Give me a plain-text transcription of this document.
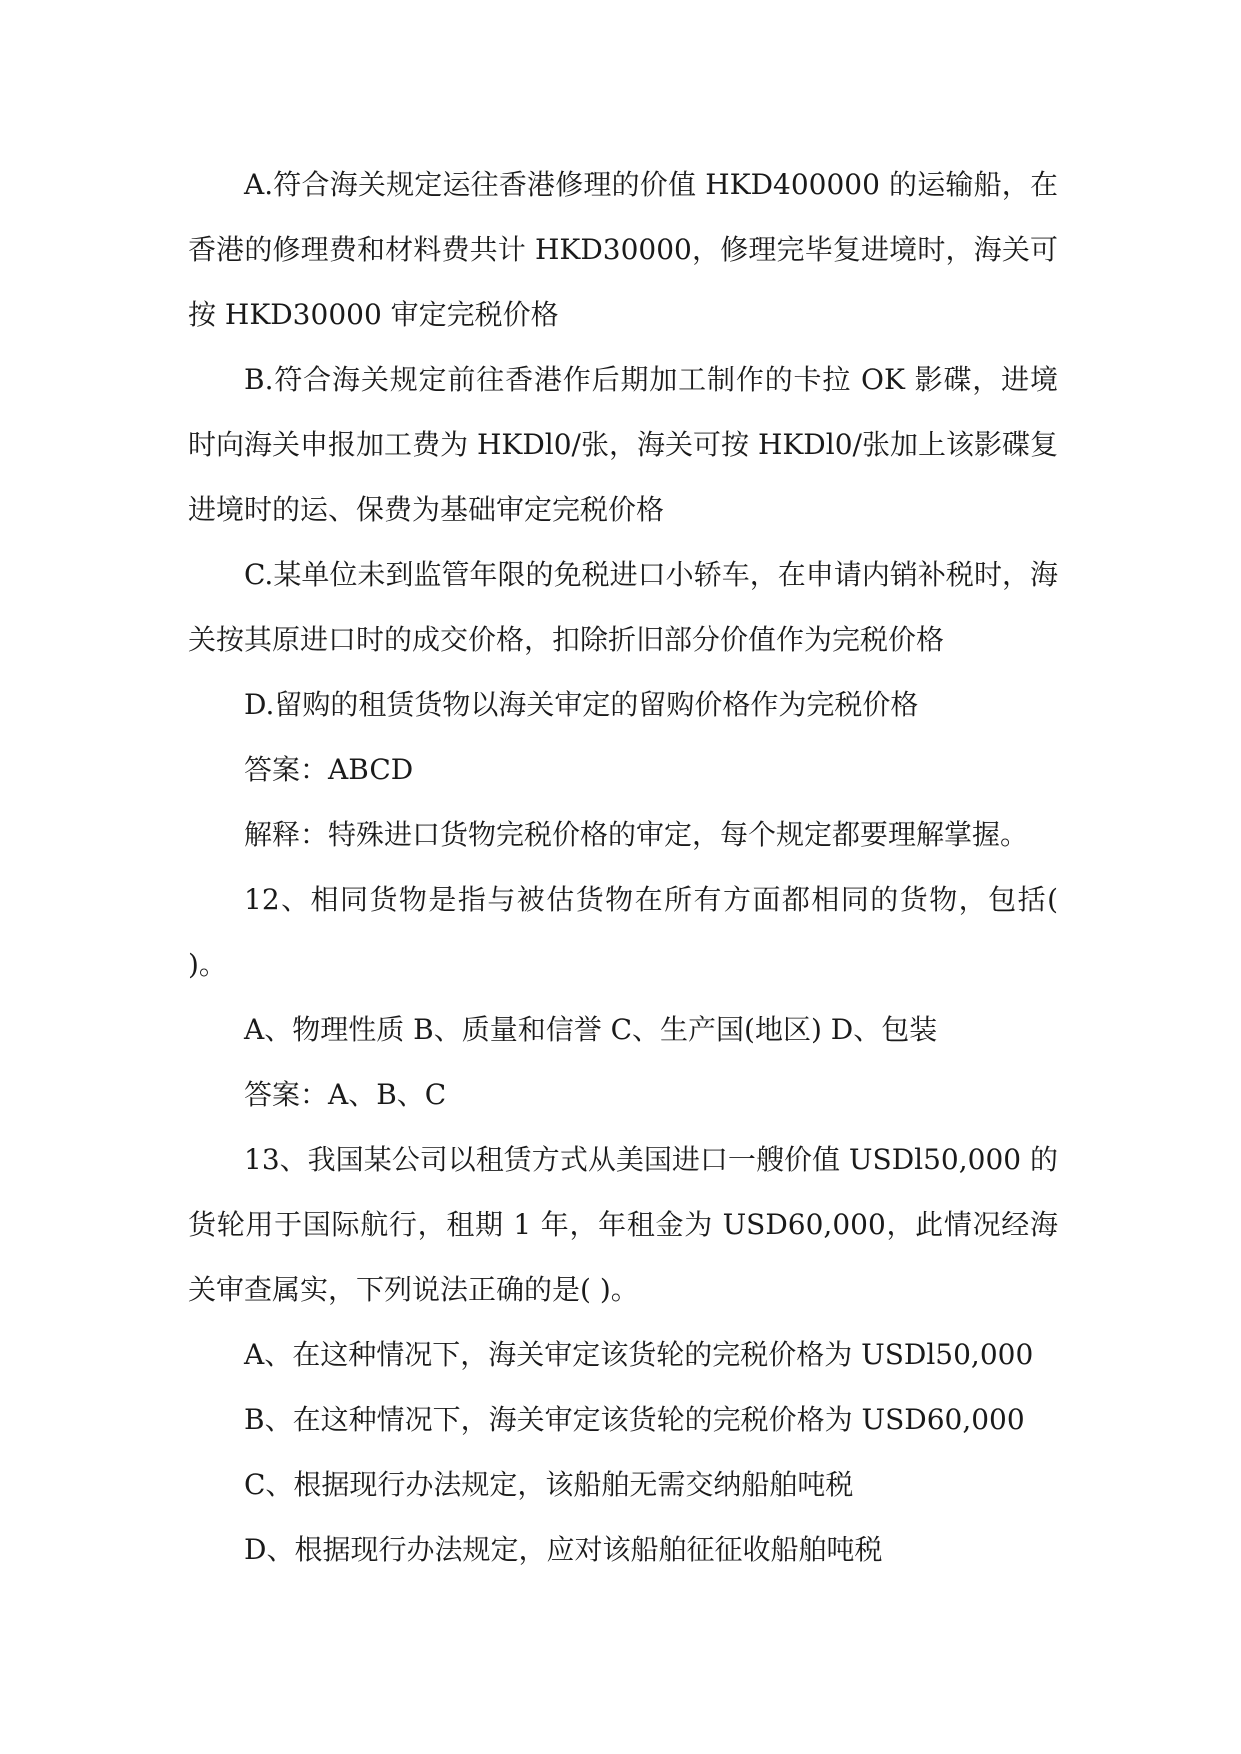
A.符合海关规定运往香港修理的价值 HKD400000 的运输船，在香港的修理费和材料费共计 HKD30000，修理完毕复进境时，海关可按 HKD30000 审定完税价格

B.符合海关规定前往香港作后期加工制作的卡拉 OK 影碟，进境时向海关申报加工费为 HKDl0/张，海关可按 HKDl0/张加上该影碟复进境时的运、保费为基础审定完税价格

C.某单位未到监管年限的免税进口小轿车，在申请内销补税时，海关按其原进口时的成交价格，扣除折旧部分价值作为完税价格

D.留购的租赁货物以海关审定的留购价格作为完税价格

答案：ABCD

解释：特殊进口货物完税价格的审定，每个规定都要理解掌握。

12、相同货物是指与被估货物在所有方面都相同的货物，包括( )。

A、物理性质 B、质量和信誉 C、生产国(地区) D、包装

答案：A、B、C

13、我国某公司以租赁方式从美国进口一艘价值 USDl50,000 的货轮用于国际航行，租期 1 年，年租金为 USD60,000，此情况经海关审查属实，下列说法正确的是( )。

A、在这种情况下，海关审定该货轮的完税价格为 USDl50,000

B、在这种情况下，海关审定该货轮的完税价格为 USD60,000

C、根据现行办法规定，该船舶无需交纳船舶吨税

D、根据现行办法规定，应对该船舶征征收船舶吨税
